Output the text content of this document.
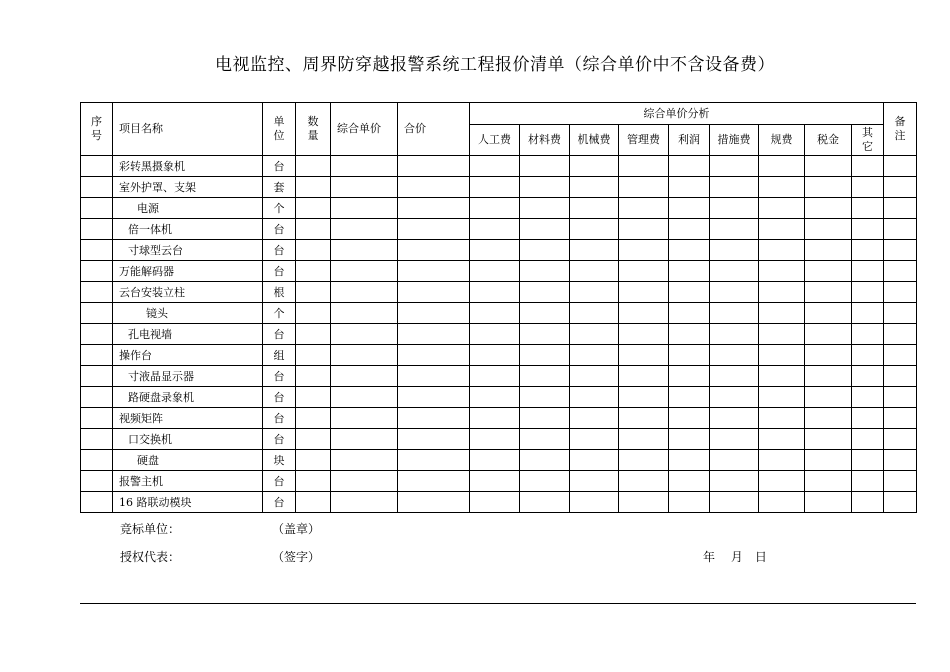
电视监控、周界防穿越报警系统工程报价清单（综合单价中不含设备费）
序号	项目名称	单位	数量	综合单价	合价	综合单价分析									备注
						人工费	材料费	机械费	管理费	利润	措施费	规费	税金	其它	
	彩转黑摄象机	台													
	室外护罩、支架	套													
	电源	个													
	倍一体机	台													
	寸球型云台	台													
	万能解码器	台													
	云台安装立柱	根													
	镜头	个													
	孔电视墙	台													
	操作台	组													
	寸液晶显示器	台													
	路硬盘录象机	台													
	视频矩阵	台													
	口交换机	台													
	硬盘	块													
	报警主机	台													
	16 路联动模块	台													
竞标单位：	（盖章）
授权代表：	（签字）	年　 月　日
